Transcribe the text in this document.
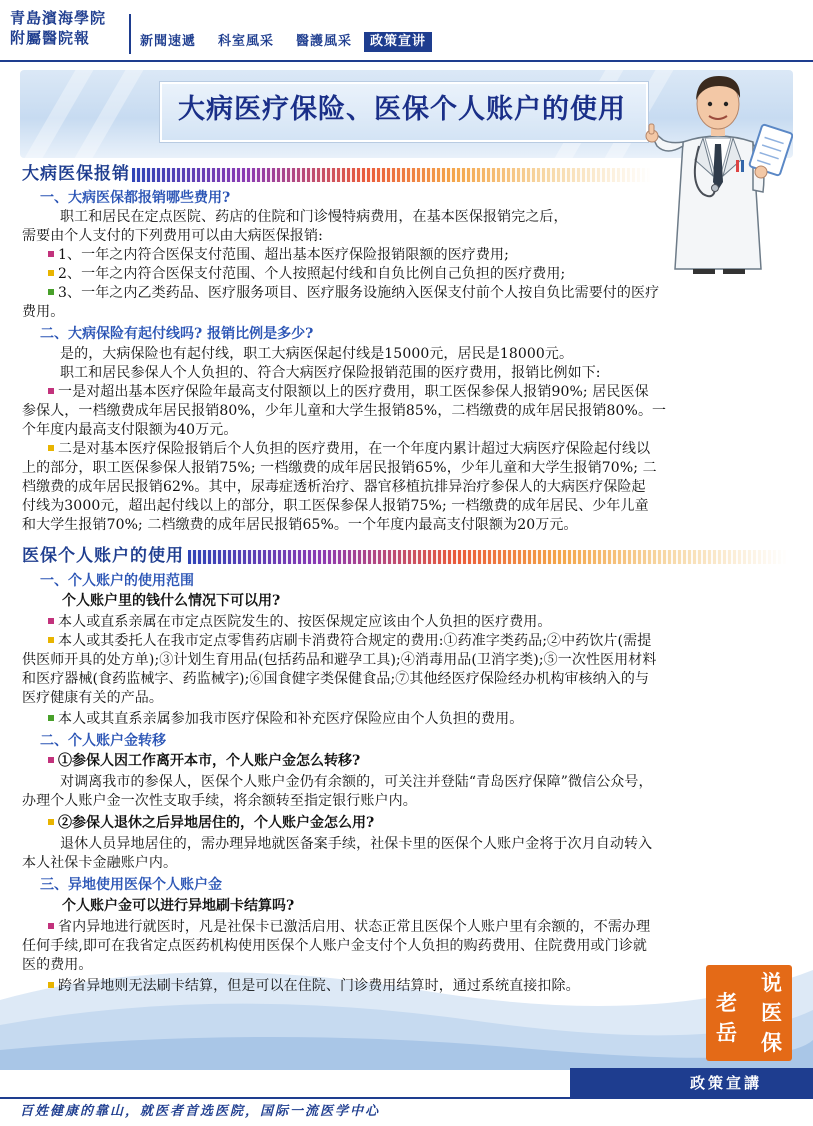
青島濱海學院
附屬醫院報	新聞速遞 科室風采 醫護風采	政策宣讲
大病医疗保险、医保个人账户的使用
大病医保报销
一、大病医保都报销哪些费用?
职工和居民在定点医院、药店的住院和门诊慢特病费用，在基本医保报销完之后，
需要由个人支付的下列费用可以由大病医保报销:
1、一年之内符合医保支付范围、超出基本医疗保险报销限额的医疗费用;
2、一年之内符合医保支付范围、个人按照起付线和自负比例自己负担的医疗费用;
3、一年之内乙类药品、医疗服务项目、医疗服务设施纳入医保支付前个人按自负比需要付的医疗
费用。
二、大病保险有起付线吗? 报销比例是多少?
是的，大病保险也有起付线，职工大病医保起付线是15000元，居民是18000元。
职工和居民参保人个人负担的、符合大病医疗保险报销范围的医疗费用，报销比例如下:
一是对超出基本医疗保险年最高支付限额以上的医疗费用，职工医保参保人报销90%; 居民医保
参保人，一档缴费成年居民报销80%，少年儿童和大学生报销85%，二档缴费的成年居民报销80%。一
个年度内最高支付限额为40万元。
二是对基本医疗保险报销后个人负担的医疗费用，在一个年度内累计超过大病医疗保险起付线以
上的部分，职工医保参保人报销75%; 一档缴费的成年居民报销65%，少年儿童和大学生报销70%; 二
档缴费的成年居民报销62%。其中，尿毒症透析治疗、器官移植抗排异治疗参保人的大病医疗保险起
付线为3000元，超出起付线以上的部分，职工医保参保人报销75%; 一档缴费的成年居民、少年儿童
和大学生报销70%; 二档缴费的成年居民报销65%。一个年度内最高支付限额为20万元。
医保个人账户的使用
一、个人账户的使用范围
个人账户里的钱什么情况下可以用?
本人或直系亲属在市定点医院发生的、按医保规定应该由个人负担的医疗费用。
本人或其委托人在我市定点零售药店刷卡消费符合规定的费用:①药准字类药品;②中药饮片(需提
供医师开具的处方单);③计划生育用品(包括药品和避孕工具);④消毒用品(卫消字类);⑤一次性医用材料
和医疗器械(食药监械字、药监械字);⑥国食健字类保健食品;⑦其他经医疗保险经办机构审核纳入的与
医疗健康有关的产品。
本人或其直系亲属参加我市医疗保险和补充医疗保险应由个人负担的费用。
二、个人账户金转移
①参保人因工作离开本市，个人账户金怎么转移?
对调离我市的参保人，医保个人账户金仍有余额的，可关注并登陆“青岛医疗保障”微信公众号，
办理个人账户金一次性支取手续，将余额转至指定银行账户内。
②参保人退休之后异地居住的，个人账户金怎么用?
退休人员异地居住的，需办理异地就医备案手续，社保卡里的医保个人账户金将于次月自动转入
本人社保卡金融账户内。
三、异地使用医保个人账户金
个人账户金可以进行异地刷卡结算吗?
省内异地进行就医时，凡是社保卡已激活启用、状态正常且医保个人账户里有余额的，不需办理
任何手续,即可在我省定点医药机构使用医保个人账户金支付个人负担的购药费用、住院费用或门诊就
医的费用。
跨省异地则无法刷卡结算，但是可以在住院、门诊费用结算时，通过系统直接扣除。	说
老 医
岳 保
政策宣講
百姓健康的靠山，就医者首选医院，国际一流医学中心
